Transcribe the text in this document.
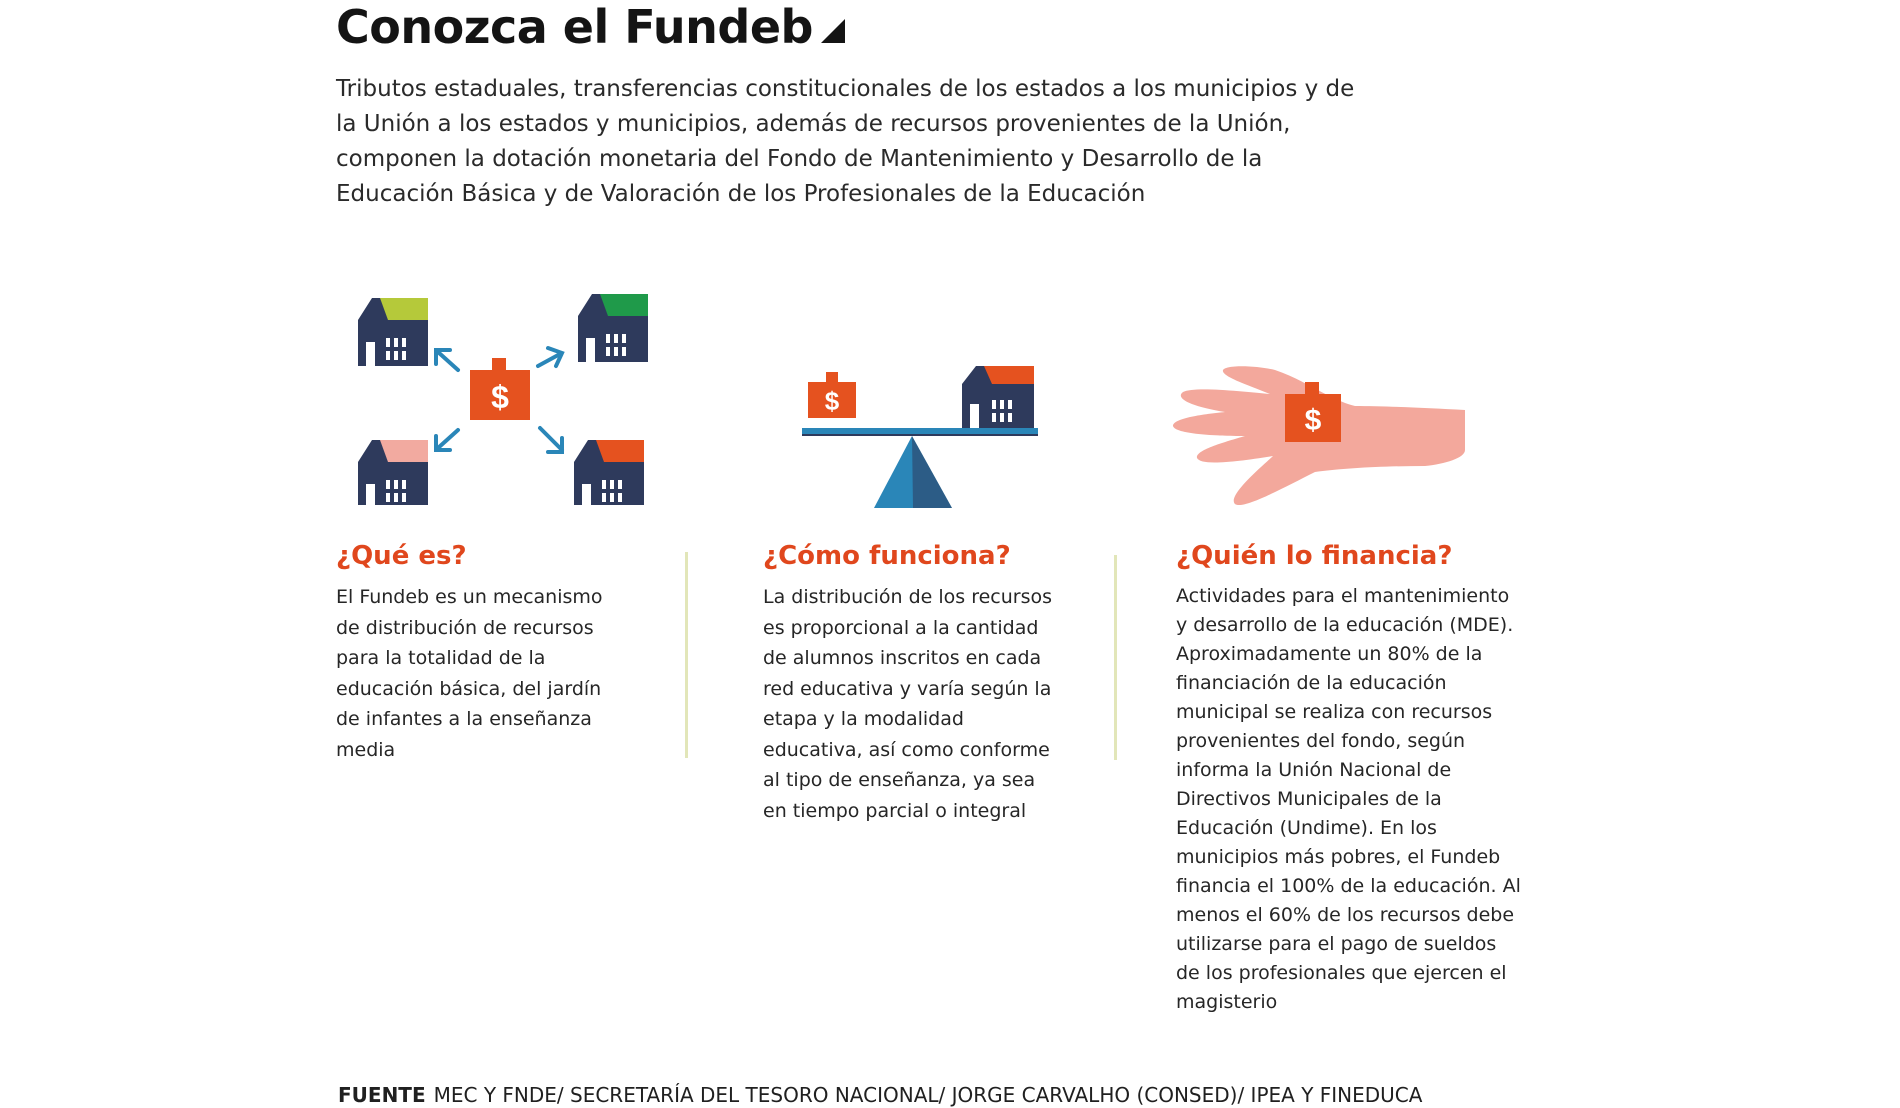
Conozca el Fundeb

Tributos estaduales, transferencias constitucionales de los estados a los municipios y de la Unión a los estados y municipios, además de recursos provenientes de la Unión, componen la dotación monetaria del Fondo de Mantenimiento y Desarrollo de la Educación Básica y de Valoración de los Profesionales de la Educación

$	$
$
¿Qué es?

El Fundeb es un mecanismo de distribución de recursos para la totalidad de la educación básica, del jardín de infantes a la enseñanza media

¿Cómo funciona?

La distribución de los recursos es proporcional a la cantidad de alumnos inscritos en cada red educativa y varía según la etapa y la modalidad educativa, así como conforme al tipo de enseñanza, ya sea en tiempo parcial o integral

¿Quién lo financia?

Actividades para el mantenimiento y desarrollo de la educación (MDE). Aproximadamente un 80% de la financiación de la educación municipal se realiza con recursos provenientes del fondo, según informa la Unión Nacional de Directivos Municipales de la Educación (Undime). En los municipios más pobres, el Fundeb financia el 100% de la educación. Al menos el 60% de los recursos debe utilizarse para el pago de sueldos de los profesionales que ejercen el magisterio

FUENTE MEC Y FNDE/ SECRETARÍA DEL TESORO NACIONAL/ JORGE CARVALHO (CONSED)/ IPEA Y FINEDUCA
